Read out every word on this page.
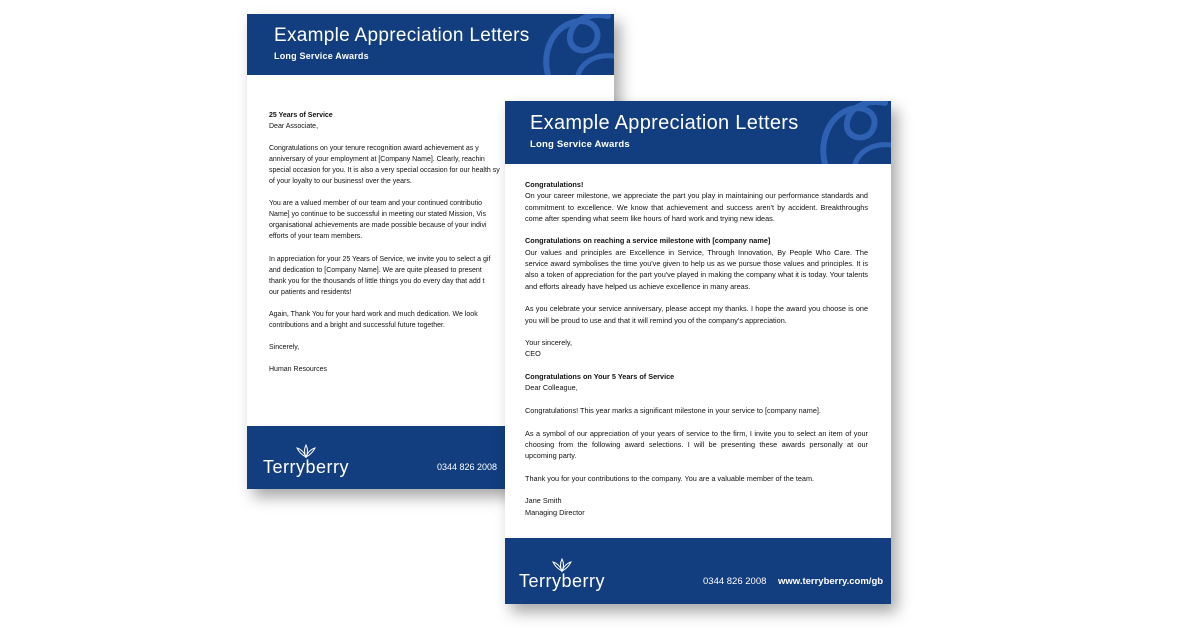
Example Appreciation Letters
Long Service Awards

25 Years of Service
Dear Associate,

Congratulations on your tenure recognition award achievement as y
anniversary of your employment at [Company Name]. Clearly, reachin
special occasion for you. It is also a very special occasion for our health sy
of your loyalty to our business! over the years.

You are a valued member of our team and your continued contributio
Name] yo continue to be successful in meeting our stated Mission, Vis
organisational achievements are made possible because of your indivi
efforts of your team members.

In appreciation for your 25 Years of Service, we invite you to select a gif
and dedication to [Company Name]. We are quite pleased to present
thank you for the thousands of little things you do every day that add t
our patients and residents!

Again, Thank You for your hard work and much dedication. We look
contributions and a bright and successful future together.

Sincerely,

Human Resources

Terryberry	0344 826 2008
Example Appreciation Letters
Long Service Awards

Congratulations!
On your career milestone, we appreciate the part you play in maintaining our performance standards and commitment to excellence. We know that achievement and success aren't by accident. Breakthroughs come after spending what seem like hours of hard work and trying new ideas.

Congratulations on reaching a service milestone with [company name]
Our values and principles are Excellence in Service, Through Innovation, By People Who Care. The service award symbolises the time you've given to help us as we pursue those values and principles. It is also a token of appreciation for the part you've played in making the company what it is today. Your talents and efforts already have helped us achieve excellence in many areas.

As you celebrate your service anniversary, please accept my thanks. I hope the award you choose is one you will be proud to use and that it will remind you of the company's appreciation.

Your sincerely,
CEO

Congratulations on Your 5 Years of Service
Dear Colleague,

Congratulations! This year marks a significant milestone in your service to [company name].

As a symbol of our appreciation of your years of service to the firm, I invite you to select an item of your choosing from the following award selections. I will be presenting these awards personally at our upcoming party.

Thank you for your contributions to the company. You are a valuable member of the team.

Jane Smith
Managing Director

Terryberry	0344 826 2008 www.terryberry.com/gb
